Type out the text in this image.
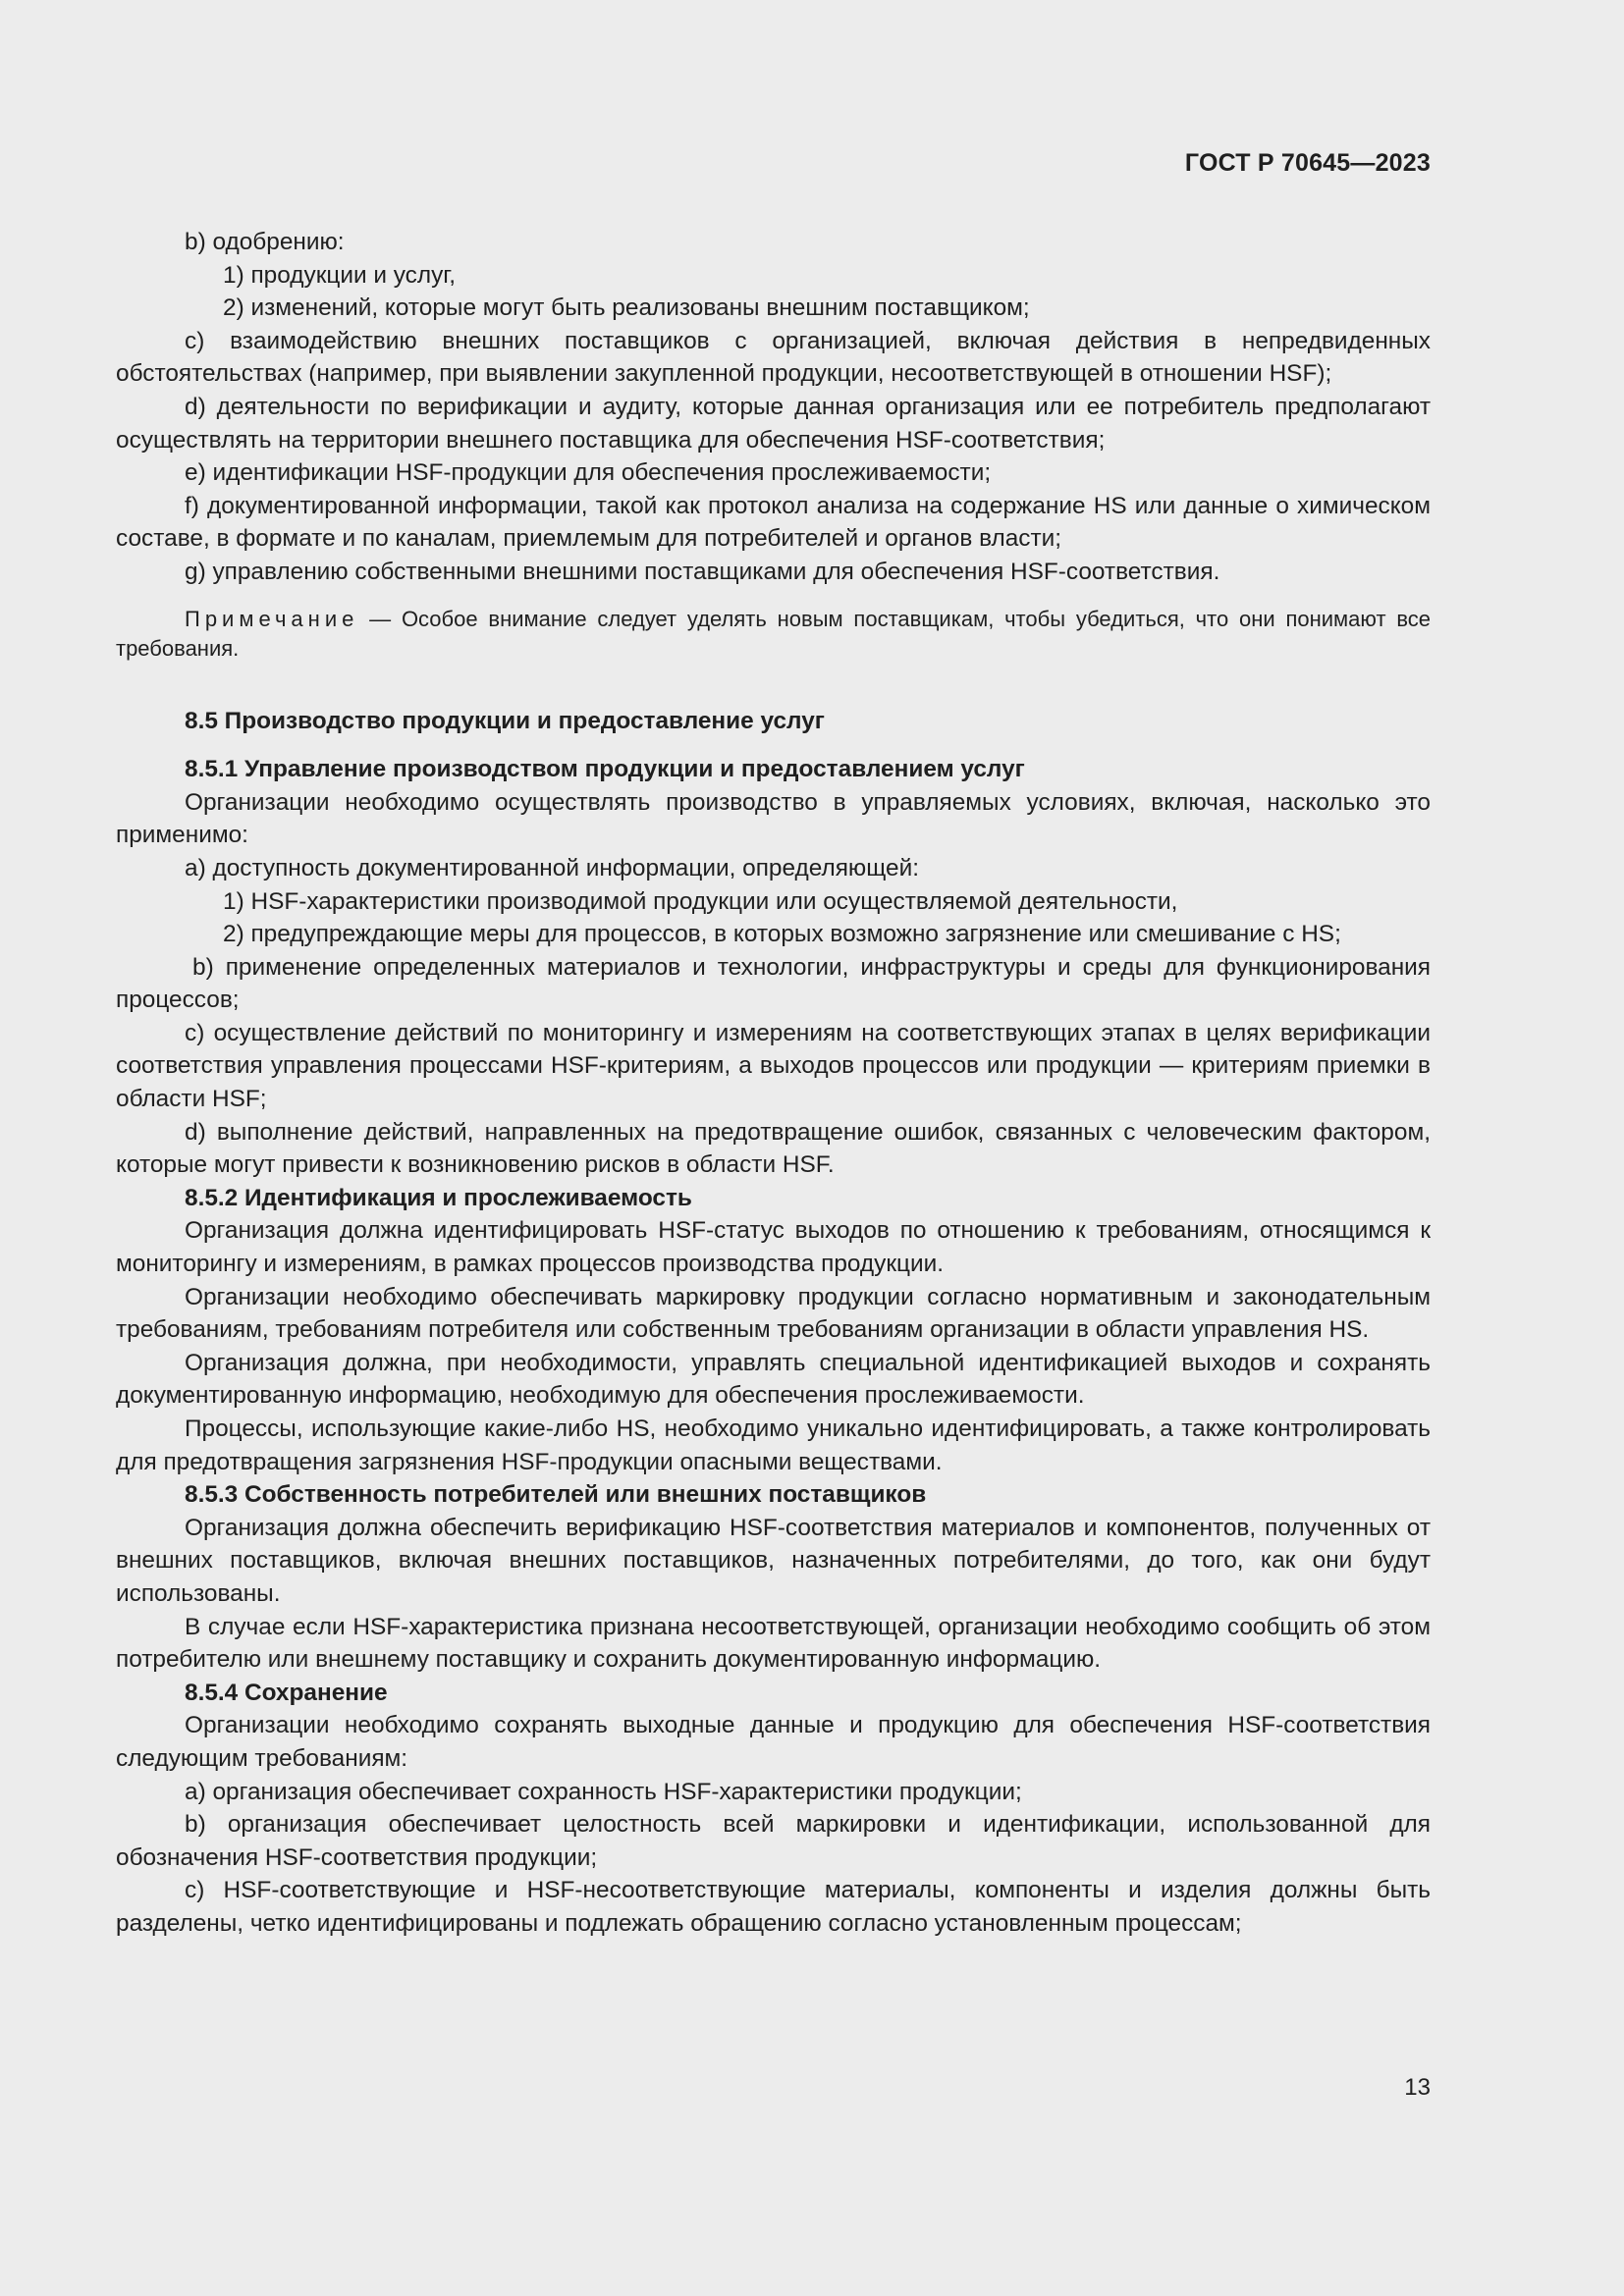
ГОСТ Р 70645—2023

b) одобрению:

1) продукции и услуг,

2) изменений, которые могут быть реализованы внешним поставщиком;

c) взаимодействию внешних поставщиков с организацией, включая действия в непредвиденных обстоятельствах (например, при выявлении закупленной продукции, несоответствующей в отношении HSF);

d) деятельности по верификации и аудиту, которые данная организация или ее потребитель предполагают осуществлять на территории внешнего поставщика для обеспечения HSF-соответствия;

e) идентификации HSF-продукции для обеспечения прослеживаемости;

f) документированной информации, такой как протокол анализа на содержание HS или данные о химическом составе, в формате и по каналам, приемлемым для потребителей и органов власти;

g) управлению собственными внешними поставщиками для обеспечения HSF-соответствия.

Примечание — Особое внимание следует уделять новым поставщикам, чтобы убедиться, что они понимают все требования.

8.5 Производство продукции и предоставление услуг

8.5.1 Управление производством продукции и предоставлением услуг

Организации необходимо осуществлять производство в управляемых условиях, включая, насколько это применимо:

a) доступность документированной информации, определяющей:

1) HSF-характеристики производимой продукции или осуществляемой деятельности,

2) предупреждающие меры для процессов, в которых возможно загрязнение или смешивание с HS;

b) применение определенных материалов и технологии, инфраструктуры и среды для функционирования процессов;

c) осуществление действий по мониторингу и измерениям на соответствующих этапах в целях верификации соответствия управления процессами HSF-критериям, а выходов процессов или продукции — критериям приемки в области HSF;

d) выполнение действий, направленных на предотвращение ошибок, связанных с человеческим фактором, которые могут привести к возникновению рисков в области HSF.

8.5.2 Идентификация и прослеживаемость

Организация должна идентифицировать HSF-статус выходов по отношению к требованиям, относящимся к мониторингу и измерениям, в рамках процессов производства продукции.

Организации необходимо обеспечивать маркировку продукции согласно нормативным и законодательным требованиям, требованиям потребителя или собственным требованиям организации в области управления HS.

Организация должна, при необходимости, управлять специальной идентификацией выходов и сохранять документированную информацию, необходимую для обеспечения прослеживаемости.

Процессы, использующие какие-либо HS, необходимо уникально идентифицировать, а также контролировать для предотвращения загрязнения HSF-продукции опасными веществами.

8.5.3 Собственность потребителей или внешних поставщиков

Организация должна обеспечить верификацию HSF-соответствия материалов и компонентов, полученных от внешних поставщиков, включая внешних поставщиков, назначенных потребителями, до того, как они будут использованы.

В случае если HSF-характеристика признана несоответствующей, организации необходимо сообщить об этом потребителю или внешнему поставщику и сохранить документированную информацию.

8.5.4 Сохранение

Организации необходимо сохранять выходные данные и продукцию для обеспечения HSF-соответствия следующим требованиям:

a) организация обеспечивает сохранность HSF-характеристики продукции;

b) организация обеспечивает целостность всей маркировки и идентификации, использованной для обозначения HSF-соответствия продукции;

c) HSF-соответствующие и HSF-несоответствующие материалы, компоненты и изделия должны быть разделены, четко идентифицированы и подлежать обращению согласно установленным процессам;

13
